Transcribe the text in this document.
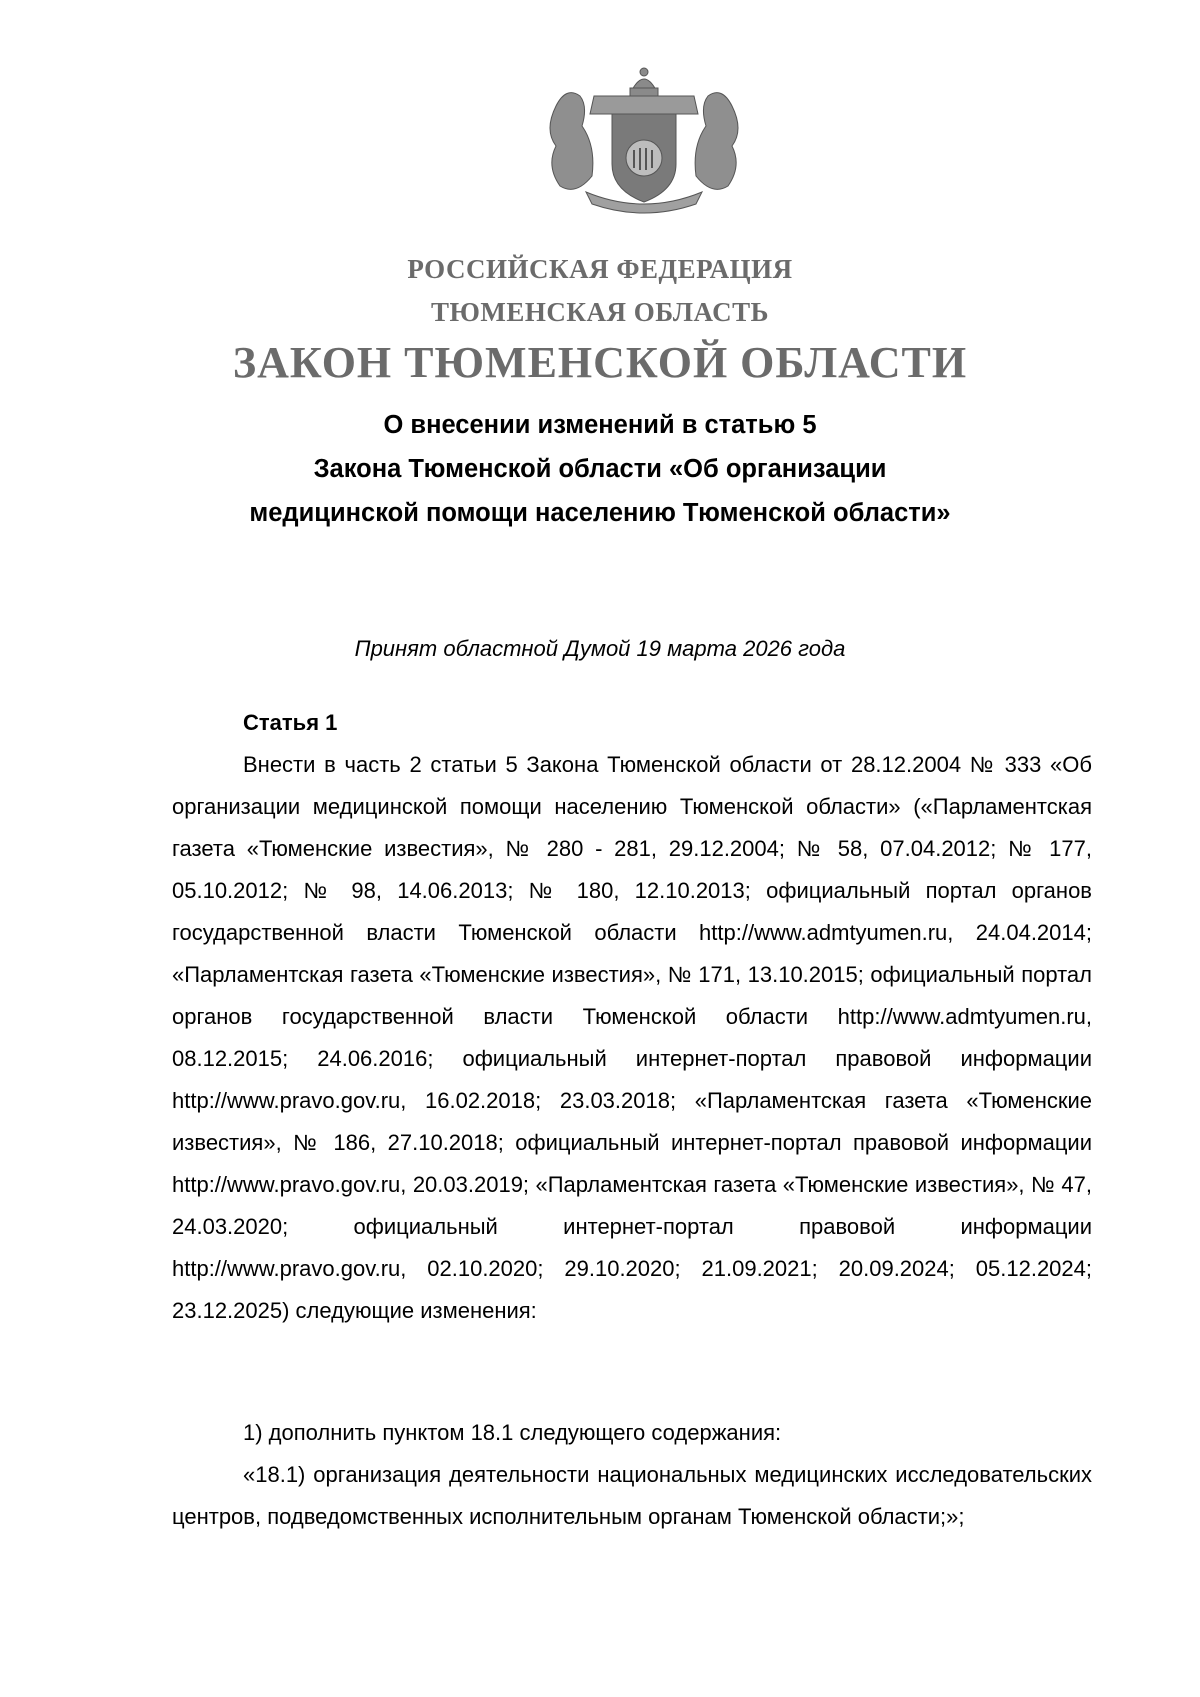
РОССИЙСКАЯ ФЕДЕРАЦИЯ
ТЮМЕНСКАЯ ОБЛАСТЬ
ЗАКОН ТЮМЕНСКОЙ ОБЛАСТИ
О внесении изменений в статью 5
Закона Тюменской области «Об организации
медицинской помощи населению Тюменской области»
Принят областной Думой 19 марта 2026 года
Статья 1
Внести в часть 2 статьи 5 Закона Тюменской области от 28.12.2004 № 333 «Об организации медицинской помощи населению Тюменской области» («Парламентская газета «Тюменские известия», № 280 - 281, 29.12.2004; № 58, 07.04.2012; № 177, 05.10.2012; № 98, 14.06.2013; № 180, 12.10.2013; официальный портал органов государственной власти Тюменской области http://www.admtyumen.ru, 24.04.2014; «Парламентская газета «Тюменские известия», № 171, 13.10.2015; официальный портал органов государственной власти Тюменской области http://www.admtyumen.ru, 08.12.2015; 24.06.2016; официальный интернет-портал правовой информации http://www.pravo.gov.ru, 16.02.2018; 23.03.2018; «Парламентская газета «Тюменские известия», № 186, 27.10.2018; официальный интернет-портал правовой информации http://www.pravo.gov.ru, 20.03.2019; «Парламентская газета «Тюменские известия», № 47, 24.03.2020; официальный интернет-портал правовой информации http://www.pravo.gov.ru, 02.10.2020; 29.10.2020; 21.09.2021; 20.09.2024; 05.12.2024; 23.12.2025) следующие изменения:
1) дополнить пунктом 18.1 следующего содержания:
«18.1) организация деятельности национальных медицинских исследовательских центров, подведомственных исполнительным органам Тюменской области;»;
